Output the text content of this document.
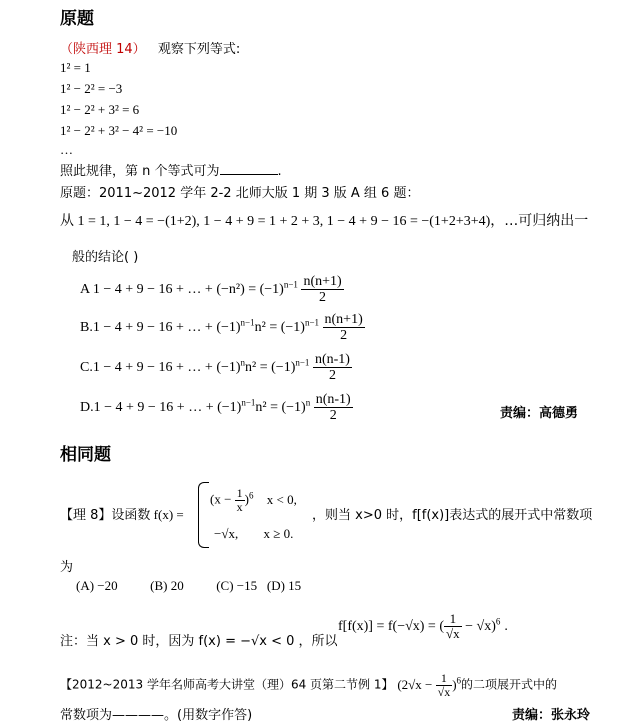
原题
（陕西理 14） 观察下列等式:
1² = 1
1² − 2² = −3
1² − 2² + 3² = 6
1² − 2² + 3² − 4² = −10
…
照此规律，第 n 个等式可为	.
原题：2011~2012 学年 2-2 北师大版 1 期 3 版 A 组 6 题：
从 1 = 1, 1 − 4 = −(1+2), 1 − 4 + 9 = 1 + 2 + 3, 1 − 4 + 9 − 16 = −(1+2+3+4)，…可归纳出一
般的结论( )
A 1 − 4 + 9 − 16 + … + $(-n^2) = (-1)^{n-1} \frac{n(n+1)}{2}$
B.1 − 4 + 9 − 16 + … + $(-1)^{n-1}n^2 = (-1)^{n-1} \frac{n(n+1)}{2}$
C.1 − 4 + 9 − 16 + … + $(-1)^nn^2 = (-1)^{n-1} \frac{n(n-1)}{2}$
D.1 − 4 + 9 − 16 + … + $(-1)^{n-1}n^2 = (-1)^n \frac{n(n-1)}{2}$	责编：高德勇
相同题
【理 8】设函数 f(x) =
$(x - \frac{1}{x} )^6$ x < 0,
−√x, x ≥ 0.
，则当 x>0 时，f[f(x)]表达式的展开式中常数项
为
(A) −20          (B) 20          (C) −15   (D) 15
注：当 x > 0 时，因为 f(x) = −√x < 0 ，所以
f[f(x)] = f(−√x) = ( $\frac{1}{√x} - √x)^6$ .
【2012~2013 学年名师高考大讲堂（理）64 页第二节例 1】 $(2√x - \frac{1}{√x} )^6$的二项展开式中的
常数项为————。(用数字作答)	责编：张永玲
